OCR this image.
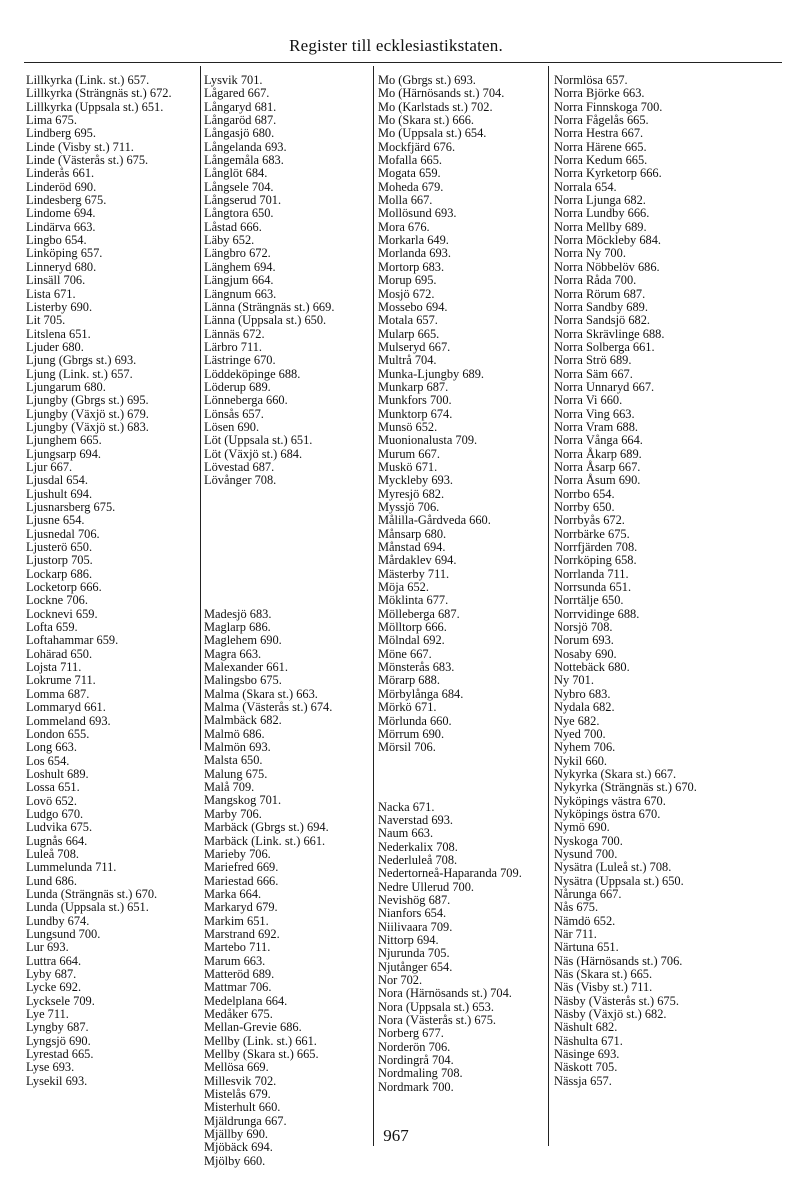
Register till ecklesiastikstaten.
Lillkyrka (Link. st.) 657.
Lillkyrka (Strängnäs st.) 672.
Lillkyrka (Uppsala st.) 651.
Lima 675.
Lindberg 695.
Linde (Visby st.) 711.
Linde (Västerås st.) 675.
Linderås 661.
Linderöd 690.
Lindesberg 675.
Lindome 694.
Lindärva 663.
Lingbo 654.
Linköping 657.
Linneryd 680.
Linsäll 706.
Lista 671.
Listerby 690.
Lit 705.
Litslena 651.
Ljuder 680.
Ljung (Gbrgs st.) 693.
Ljung (Link. st.) 657.
Ljungarum 680.
Ljungby (Gbrgs st.) 695.
Ljungby (Växjö st.) 679.
Ljungby (Växjö st.) 683.
Ljunghem 665.
Ljungsarp 694.
Ljur 667.
Ljusdal 654.
Ljushult 694.
Ljusnarsberg 675.
Ljusne 654.
Ljusnedal 706.
Ljusterö 650.
Ljustorp 705.
Lockarp 686.
Locketorp 666.
Lockne 706.
Locknevi 659.
Lofta 659.
Loftahammar 659.
Lohärad 650.
Lojsta 711.
Lokrume 711.
Lomma 687.
Lommaryd 661.
Lommeland 693.
London 655.
Long 663.
Los 654.
Loshult 689.
Lossa 651.
Lovö 652.
Ludgo 670.
Ludvika 675.
Lugnås 664.
Luleå 708.
Lummelunda 711.
Lund 686.
Lunda (Strängnäs st.) 670.
Lunda (Uppsala st.) 651.
Lundby 674.
Lungsund 700.
Lur 693.
Luttra 664.
Lyby 687.
Lycke 692.
Lycksele 709.
Lye 711.
Lyngby 687.
Lyngsjö 690.
Lyrestad 665.
Lyse 693.
Lysekil 693.
Lysvik 701.
Lågared 667.
Långaryd 681.
Långaröd 687.
Långasjö 680.
Långelanda 693.
Långemåla 683.
Långlöt 684.
Långsele 704.
Långserud 701.
Långtora 650.
Låstad 666.
Läby 652.
Längbro 672.
Länghem 694.
Längjum 664.
Längnum 663.
Länna (Strängnäs st.) 669.
Länna (Uppsala st.) 650.
Lännäs 672.
Lärbro 711.
Lästringe 670.
Löddeköpinge 688.
Löderup 689.
Lönneberga 660.
Lönsås 657.
Lösen 690.
Löt (Uppsala st.) 651.
Löt (Växjö st.) 684.
Lövestad 687.
Lövånger 708.
Madesjö 683.
Maglarp 686.
Maglehem 690.
Magra 663.
Malexander 661.
Malingsbo 675.
Malma (Skara st.) 663.
Malma (Västerås st.) 674.
Malmbäck 682.
Malmö 686.
Malmön 693.
Malsta 650.
Malung 675.
Malå 709.
Mangskog 701.
Marby 706.
Marbäck (Gbrgs st.) 694.
Marbäck (Link. st.) 661.
Marieby 706.
Mariefred 669.
Mariestad 666.
Marka 664.
Markaryd 679.
Markim 651.
Marstrand 692.
Martebo 711.
Marum 663.
Matteröd 689.
Mattmar 706.
Medelplana 664.
Medåker 675.
Mellan-Grevie 686.
Mellby (Link. st.) 661.
Mellby (Skara st.) 665.
Mellösa 669.
Millesvik 702.
Mistelås 679.
Misterhult 660.
Mjäldrunga 667.
Mjällby 690.
Mjöbäck 694.
Mjölby 660.
Mo (Gbrgs st.) 693.
Mo (Härnösands st.) 704.
Mo (Karlstads st.) 702.
Mo (Skara st.) 666.
Mo (Uppsala st.) 654.
Mockfjärd 676.
Mofalla 665.
Mogata 659.
Moheda 679.
Molla 667.
Mollösund 693.
Mora 676.
Morkarla 649.
Morlanda 693.
Mortorp 683.
Morup 695.
Mosjö 672.
Mossebo 694.
Motala 657.
Mularp 665.
Mulseryd 667.
Multrå 704.
Munka-Ljungby 689.
Munkarp 687.
Munkfors 700.
Munktorp 674.
Munsö 652.
Muonionalusta 709.
Murum 667.
Muskö 671.
Myckleby 693.
Myresjö 682.
Myssjö 706.
Målilla-Gårdveda 660.
Månsarp 680.
Månstad 694.
Mårdaklev 694.
Mästerby 711.
Möja 652.
Möklinta 677.
Mölleberga 687.
Mölltorp 666.
Mölndal 692.
Möne 667.
Mönsterås 683.
Mörarp 688.
Mörbylånga 684.
Mörkö 671.
Mörlunda 660.
Mörrum 690.
Mörsil 706.
Nacka 671.
Naverstad 693.
Naum 663.
Nederkalix 708.
Nederluleå 708.
Nedertorneå-Haparanda 709.
Nedre Ullerud 700.
Nevishög 687.
Nianfors 654.
Niilivaara 709.
Nittorp 694.
Njurunda 705.
Njutånger 654.
Nor 702.
Nora (Härnösands st.) 704.
Nora (Uppsala st.) 653.
Nora (Västerås st.) 675.
Norberg 677.
Norderön 706.
Nordingrå 704.
Nordmaling 708.
Nordmark 700.
Normlösa 657.
Norra Björke 663.
Norra Finnskoga 700.
Norra Fågelås 665.
Norra Hestra 667.
Norra Härene 665.
Norra Kedum 665.
Norra Kyrketorp 666.
Norrala 654.
Norra Ljunga 682.
Norra Lundby 666.
Norra Mellby 689.
Norra Möckleby 684.
Norra Ny 700.
Norra Nöbbelöv 686.
Norra Råda 700.
Norra Rörum 687.
Norra Sandby 689.
Norra Sandsjö 682.
Norra Skrävlinge 688.
Norra Solberga 661.
Norra Strö 689.
Norra Säm 667.
Norra Unnaryd 667.
Norra Vi 660.
Norra Ving 663.
Norra Vram 688.
Norra Vånga 664.
Norra Åkarp 689.
Norra Åsarp 667.
Norra Åsum 690.
Norrbo 654.
Norrby 650.
Norrbyås 672.
Norrbärke 675.
Norrfjärden 708.
Norrköping 658.
Norrlanda 711.
Norrsunda 651.
Norrtälje 650.
Norrvidinge 688.
Norsjö 708.
Norum 693.
Nosaby 690.
Nottebäck 680.
Ny 701.
Nybro 683.
Nydala 682.
Nye 682.
Nyed 700.
Nyhem 706.
Nykil 660.
Nykyrka (Skara st.) 667.
Nykyrka (Strängnäs st.) 670.
Nyköpings västra 670.
Nyköpings östra 670.
Nymö 690.
Nyskoga 700.
Nysund 700.
Nysätra (Luleå st.) 708.
Nysätra (Uppsala st.) 650.
Nårunga 667.
Nås 675.
Nämdö 652.
När 711.
Närtuna 651.
Näs (Härnösands st.) 706.
Näs (Skara st.) 665.
Näs (Visby st.) 711.
Näsby (Västerås st.) 675.
Näsby (Växjö st.) 682.
Näshult 682.
Näshulta 671.
Näsinge 693.
Näskott 705.
Nässja 657.
967
